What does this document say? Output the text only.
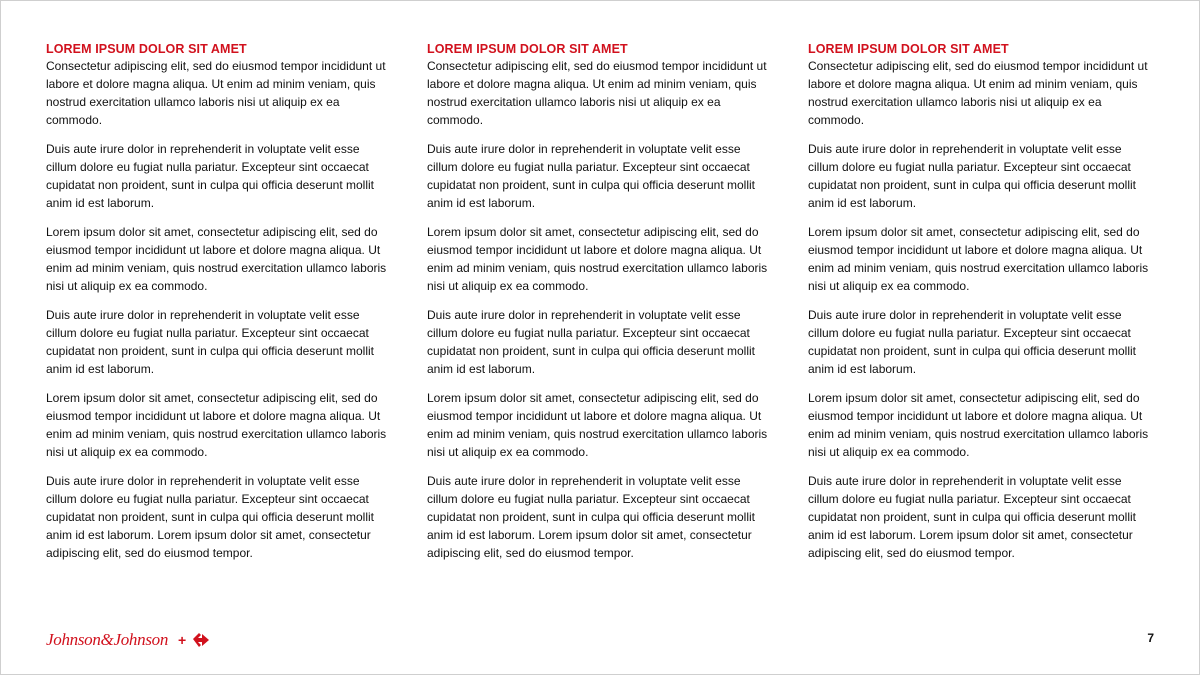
LOREM IPSUM DOLOR SIT AMET

Consectetur adipiscing elit, sed do eiusmod tempor incididunt ut labore et dolore magna aliqua. Ut enim ad minim veniam, quis nostrud exercitation ullamco laboris nisi ut aliquip ex ea commodo.

Duis aute irure dolor in reprehenderit in voluptate velit esse cillum dolore eu fugiat nulla pariatur. Excepteur sint occaecat cupidatat non proident, sunt in culpa qui officia deserunt mollit anim id est laborum.

Lorem ipsum dolor sit amet, consectetur adipiscing elit, sed do eiusmod tempor incididunt ut labore et dolore magna aliqua. Ut enim ad minim veniam, quis nostrud exercitation ullamco laboris nisi ut aliquip ex ea commodo.

Duis aute irure dolor in reprehenderit in voluptate velit esse cillum dolore eu fugiat nulla pariatur. Excepteur sint occaecat cupidatat non proident, sunt in culpa qui officia deserunt mollit anim id est laborum.

Lorem ipsum dolor sit amet, consectetur adipiscing elit, sed do eiusmod tempor incididunt ut labore et dolore magna aliqua. Ut enim ad minim veniam, quis nostrud exercitation ullamco laboris nisi ut aliquip ex ea commodo.

Duis aute irure dolor in reprehenderit in voluptate velit esse cillum dolore eu fugiat nulla pariatur. Excepteur sint occaecat cupidatat non proident, sunt in culpa qui officia deserunt mollit anim id est laborum. Lorem ipsum dolor sit amet, consectetur adipiscing elit, sed do eiusmod tempor.

LOREM IPSUM DOLOR SIT AMET

Consectetur adipiscing elit, sed do eiusmod tempor incididunt ut labore et dolore magna aliqua. Ut enim ad minim veniam, quis nostrud exercitation ullamco laboris nisi ut aliquip ex ea commodo.

Duis aute irure dolor in reprehenderit in voluptate velit esse cillum dolore eu fugiat nulla pariatur. Excepteur sint occaecat cupidatat non proident, sunt in culpa qui officia deserunt mollit anim id est laborum.

Lorem ipsum dolor sit amet, consectetur adipiscing elit, sed do eiusmod tempor incididunt ut labore et dolore magna aliqua. Ut enim ad minim veniam, quis nostrud exercitation ullamco laboris nisi ut aliquip ex ea commodo.

Duis aute irure dolor in reprehenderit in voluptate velit esse cillum dolore eu fugiat nulla pariatur. Excepteur sint occaecat cupidatat non proident, sunt in culpa qui officia deserunt mollit anim id est laborum.

Lorem ipsum dolor sit amet, consectetur adipiscing elit, sed do eiusmod tempor incididunt ut labore et dolore magna aliqua. Ut enim ad minim veniam, quis nostrud exercitation ullamco laboris nisi ut aliquip ex ea commodo.

Duis aute irure dolor in reprehenderit in voluptate velit esse cillum dolore eu fugiat nulla pariatur. Excepteur sint occaecat cupidatat non proident, sunt in culpa qui officia deserunt mollit anim id est laborum. Lorem ipsum dolor sit amet, consectetur adipiscing elit, sed do eiusmod tempor.

LOREM IPSUM DOLOR SIT AMET

Consectetur adipiscing elit, sed do eiusmod tempor incididunt ut labore et dolore magna aliqua. Ut enim ad minim veniam, quis nostrud exercitation ullamco laboris nisi ut aliquip ex ea commodo.

Duis aute irure dolor in reprehenderit in voluptate velit esse cillum dolore eu fugiat nulla pariatur. Excepteur sint occaecat cupidatat non proident, sunt in culpa qui officia deserunt mollit anim id est laborum.

Lorem ipsum dolor sit amet, consectetur adipiscing elit, sed do eiusmod tempor incididunt ut labore et dolore magna aliqua. Ut enim ad minim veniam, quis nostrud exercitation ullamco laboris nisi ut aliquip ex ea commodo.

Duis aute irure dolor in reprehenderit in voluptate velit esse cillum dolore eu fugiat nulla pariatur. Excepteur sint occaecat cupidatat non proident, sunt in culpa qui officia deserunt mollit anim id est laborum.

Lorem ipsum dolor sit amet, consectetur adipiscing elit, sed do eiusmod tempor incididunt ut labore et dolore magna aliqua. Ut enim ad minim veniam, quis nostrud exercitation ullamco laboris nisi ut aliquip ex ea commodo.

Duis aute irure dolor in reprehenderit in voluptate velit esse cillum dolore eu fugiat nulla pariatur. Excepteur sint occaecat cupidatat non proident, sunt in culpa qui officia deserunt mollit anim id est laborum. Lorem ipsum dolor sit amet, consectetur adipiscing elit, sed do eiusmod tempor.

Johnson&Johnson +	7
